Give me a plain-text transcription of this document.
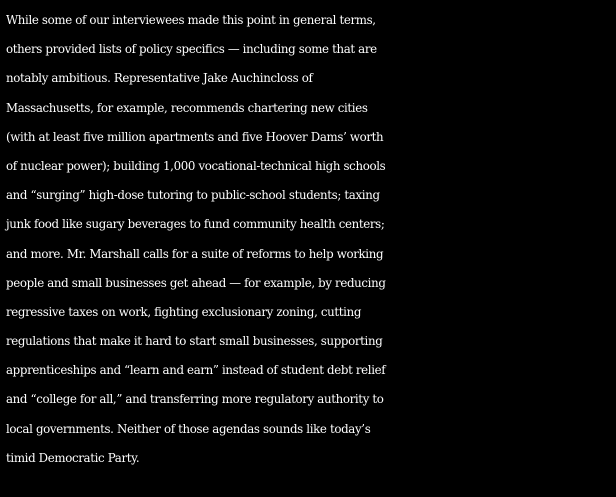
While some of our interviewees made this point in general terms,
others provided lists of policy specifics — including some that are
notably ambitious. Representative Jake Auchincloss of
Massachusetts, for example, recommends chartering new cities
(with at least five million apartments and five Hoover Dams’ worth
of nuclear power); building 1,000 vocational-technical high schools
and “surging” high-dose tutoring to public-school students; taxing
junk food like sugary beverages to fund community health centers;
and more. Mr. Marshall calls for a suite of reforms to help working
people and small businesses get ahead — for example, by reducing
regressive taxes on work, fighting exclusionary zoning, cutting
regulations that make it hard to start small businesses, supporting
apprenticeships and “learn and earn” instead of student debt relief
and “college for all,” and transferring more regulatory authority to
local governments. Neither of those agendas sounds like today’s
timid Democratic Party.
